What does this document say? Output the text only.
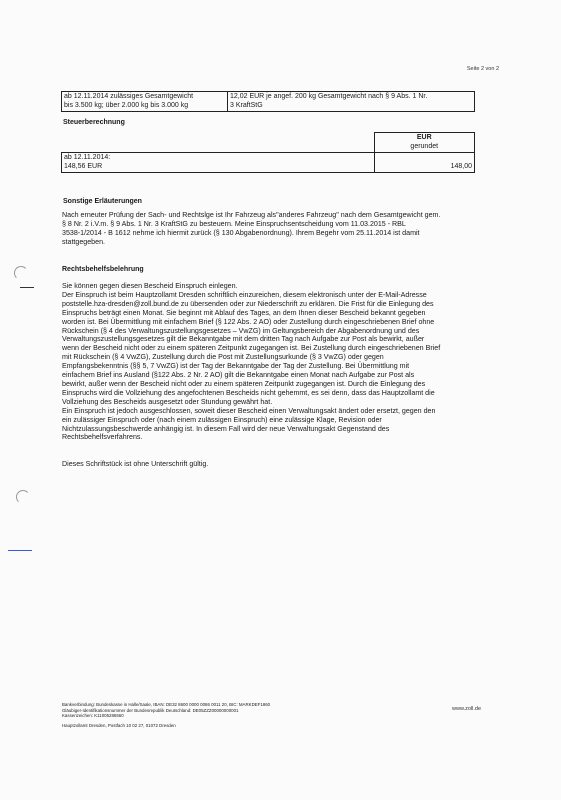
Seite 2 von 2
ab 12.11.2014 zulässiges Gesamtgewicht
bis 3.500 kg; über 2.000 kg bis 3.000 kg

12,02 EUR je angef. 200 kg Gesamtgewicht nach § 9 Abs. 1 Nr.
3 KraftStG
Steuerberechnung

	EUR
gerundet

ab 12.11.2014:
148,56 EUR	148,00
Sonstige Erläuterungen
Nach erneuter Prüfung der Sach- und Rechtslge ist Ihr Fahrzeug als"anderes Fahrzeug" nach dem Gesamtgewicht gem.
§ 8 Nr. 2 i.V.m. § 9 Abs. 1 Nr. 3 KraftStG zu besteuern. Meine Einspruchsentscheidung vom 11.03.2015 - RBL
3538-1/2014 - B 1612 nehme ich hiermit zurück (§ 130 Abgabenordnung). Ihrem Begehr vom 25.11.2014 ist damit
stattgegeben.
Rechtsbehelfsbelehrung
Sie können gegen diesen Bescheid Einspruch einlegen.
Der Einspruch ist beim Hauptzollamt Dresden schriftlich einzureichen, diesem elektronisch unter der E-Mail-Adresse
poststelle.hza-dresden@zoll.bund.de zu übersenden oder zur Niederschrift zu erklären. Die Frist für die Einlegung des
Einspruchs beträgt einen Monat. Sie beginnt mit Ablauf des Tages, an dem Ihnen dieser Bescheid bekannt gegeben
worden ist. Bei Übermittlung mit einfachem Brief (§ 122 Abs. 2 AO) oder Zustellung durch eingeschriebenen Brief ohne
Rückschein (§ 4 des Verwaltungszustellungsgesetzes – VwZG) im Geltungsbereich der Abgabenordnung und des
Verwaltungszustellungsgesetzes gilt die Bekanntgabe mit dem dritten Tag nach Aufgabe zur Post als bewirkt, außer
wenn der Bescheid nicht oder zu einem späteren Zeitpunkt zugegangen ist. Bei Zustellung durch eingeschriebenen Brief
mit Rückschein (§ 4 VwZG), Zustellung durch die Post mit Zustellungsurkunde (§ 3 VwZG) oder gegen
Empfangsbekenntnis (§§ 5, 7 VwZG) ist der Tag der Bekanntgabe der Tag der Zustellung. Bei Übermittlung mit
einfachem Brief ins Ausland (§122 Abs. 2 Nr. 2 AO) gilt die Bekanntgabe einen Monat nach Aufgabe zur Post als
bewirkt, außer wenn der Bescheid nicht oder zu einem späteren Zeitpunkt zugegangen ist. Durch die Einlegung des
Einspruchs wird die Vollziehung des angefochtenen Bescheids nicht gehemmt, es sei denn, dass das Hauptzollamt die
Vollziehung des Bescheids ausgesetzt oder Stundung gewährt hat.
Ein Einspruch ist jedoch ausgeschlossen, soweit dieser Bescheid einen Verwaltungsakt ändert oder ersetzt, gegen den
ein zulässiger Einspruch oder (nach einem zulässigen Einspruch) eine zulässige Klage, Revision oder
Nichtzulassungsbeschwerde anhängig ist. In diesem Fall wird der neue Verwaltungsakt Gegenstand des
Rechtsbehelfsverfahrens.
Dieses Schriftstück ist ohne Unterschrift gültig.
Bankverbindung: Bundeskasse in Halle/Saale, IBAN: DE32 8600 0000 0086 0011 20, BIC: MARKDEF1860
Gläubiger-Identifikationsnummer der Bundesrepublik Deutschland: DE05ZZZ00000000001
Kassenzeichen: K11005286560
Hauptzollamt Dresden, Postfach 10 02 27, 01072 Dresden
www.zoll.de
